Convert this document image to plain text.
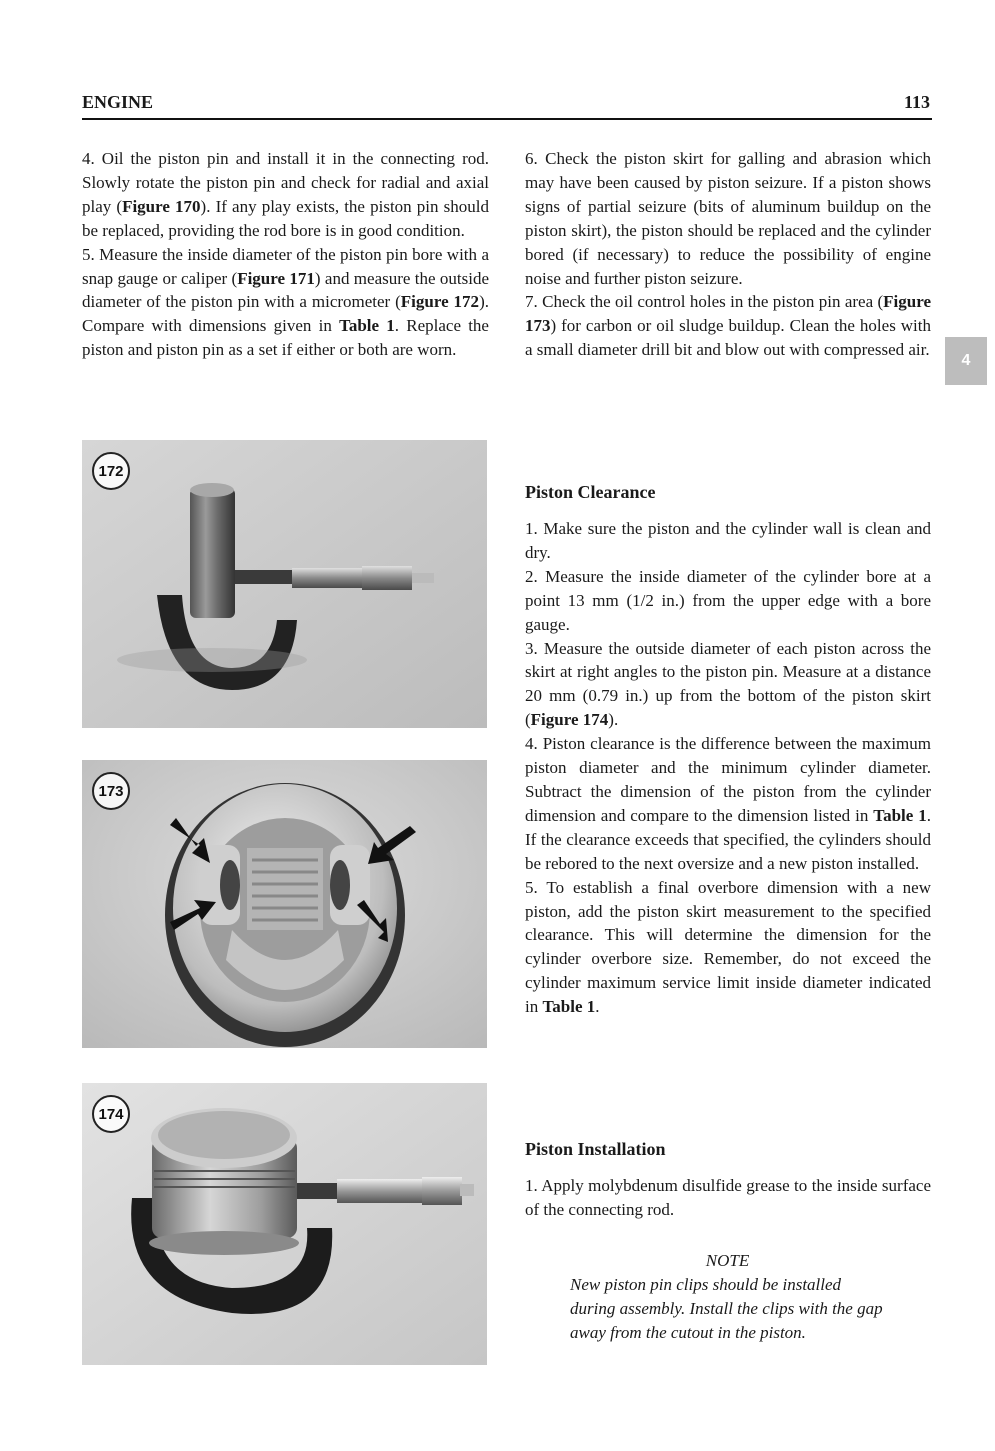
ENGINE	113

4. Oil the piston pin and install it in the connecting rod. Slowly rotate the piston pin and check for radial and axial play (Figure 170). If any play exists, the piston pin should be replaced, providing the rod bore is in good condition.

5. Measure the inside diameter of the piston pin bore with a snap gauge or caliper (Figure 171) and measure the outside diameter of the piston pin with a micrometer (Figure 172). Compare with dimensions given in Table 1. Replace the piston and piston pin as a set if either or both are worn.

6. Check the piston skirt for galling and abrasion which may have been caused by piston seizure. If a piston shows signs of partial seizure (bits of aluminum buildup on the piston skirt), the piston should be replaced and the cylinder bored (if necessary) to reduce the possibility of engine noise and further piston seizure.

7. Check the oil control holes in the piston pin area (Figure 173) for carbon or oil sludge buildup. Clean the holes with a small diameter drill bit and blow out with compressed air.

4
Piston Clearance

1. Make sure the piston and the cylinder wall is clean and dry.

2. Measure the inside diameter of the cylinder bore at a point 13 mm (1/2 in.) from the upper edge with a bore gauge.

3. Measure the outside diameter of each piston across the skirt at right angles to the piston pin. Measure at a distance 20 mm (0.79 in.) up from the bottom of the piston skirt (Figure 174).

4. Piston clearance is the difference between the maximum piston diameter and the minimum cylinder diameter. Subtract the dimension of the piston from the cylinder dimension and compare to the dimension listed in Table 1. If the clearance exceeds that specified, the cylinders should be rebored to the next oversize and a new piston installed.

5. To establish a final overbore dimension with a new piston, add the piston skirt measurement to the specified clearance. This will determine the dimension for the cylinder overbore size. Remember, do not exceed the cylinder maximum service limit inside diameter indicated in Table 1.

Piston Installation
1. Apply molybdenum disulfide grease to the inside surface of the connecting rod.
NOTE
New piston pin clips should be installed during assembly. Install the clips with the gap away from the cutout in the piston.
172
173
174
